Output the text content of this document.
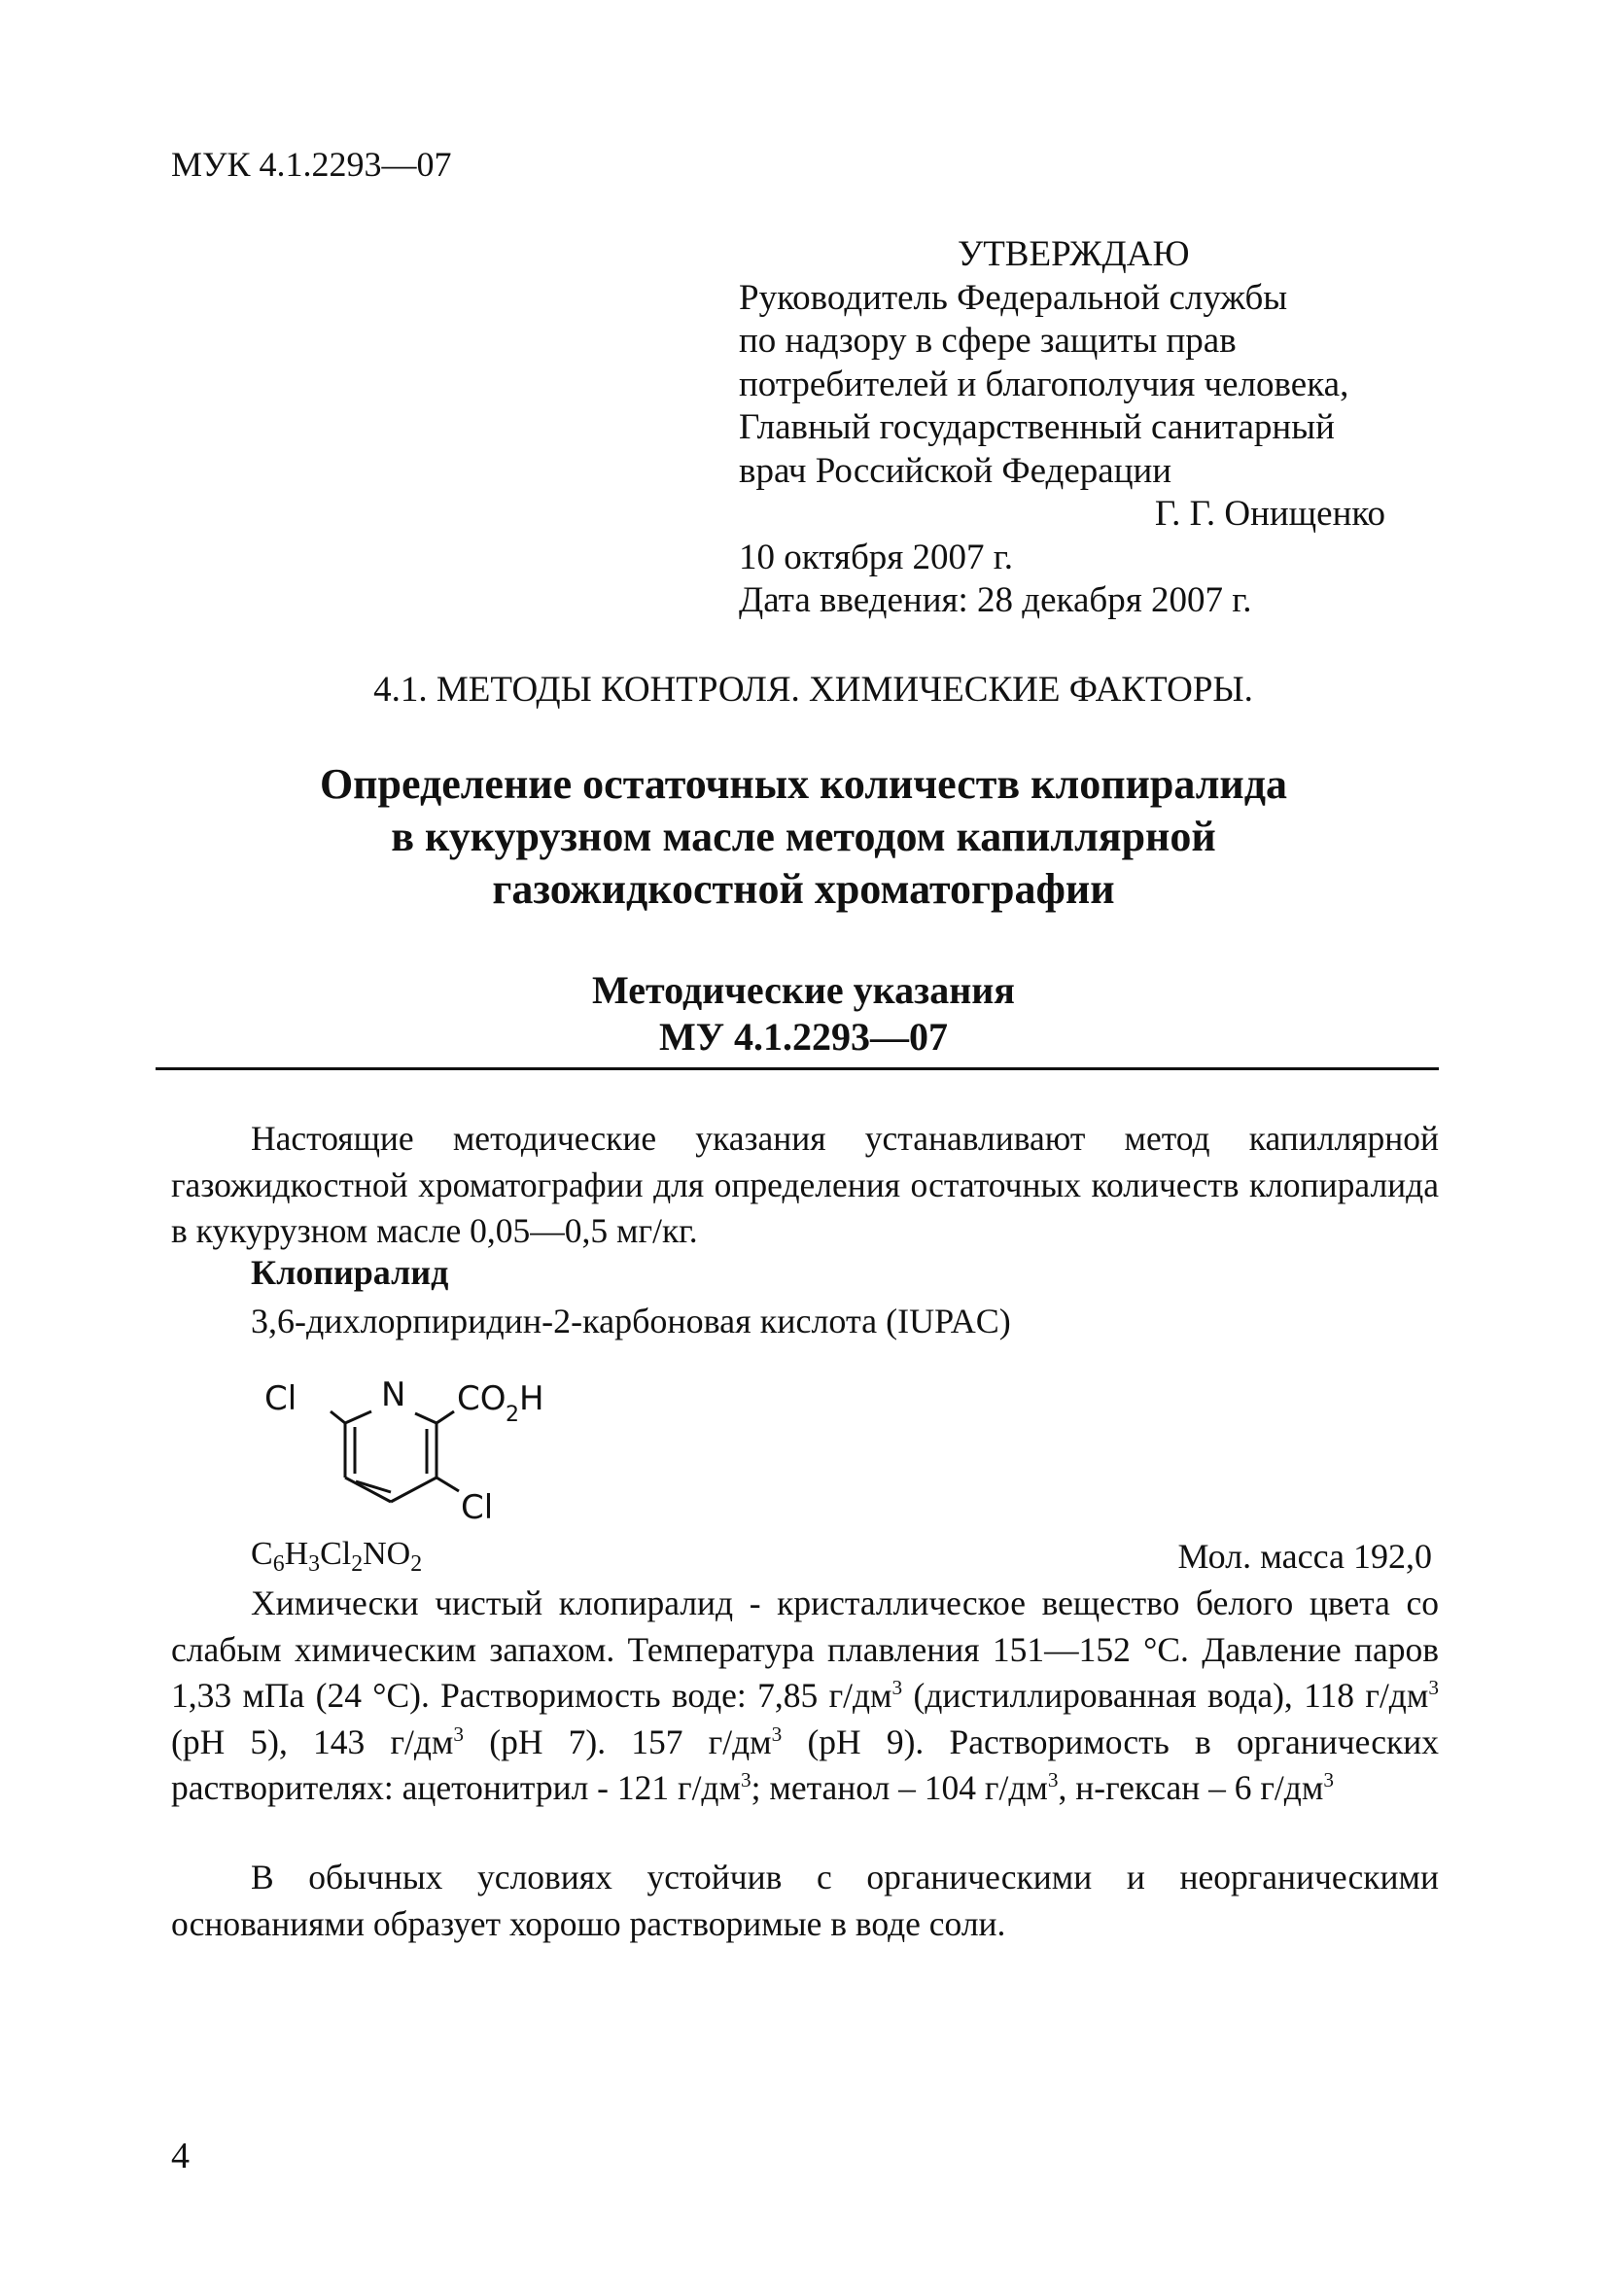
МУК 4.1.2293—07
УТВЕРЖДАЮ
Руководитель Федеральной службы
по надзору в сфере защиты прав
потребителей и благополучия человека,
Главный государственный санитарный
врач Российской Федерации
Г. Г. Онищенко
10 октября 2007 г.
Дата введения: 28 декабря 2007 г.
4.1. МЕТОДЫ КОНТРОЛЯ. ХИМИЧЕСКИЕ ФАКТОРЫ.
Определение остаточных количеств клопиралида
в кукурузном масле методом капиллярной
газожидкостной хроматографии
Методические указания
МУ 4.1.2293—07
Настоящие методические указания устанавливают метод капиллярной газожидкостной хроматографии для определения остаточных количеств клопиралида в кукурузном масле 0,05—0,5 мг/кг.
Клопиралид
3,6-дихлорпиридин-2-карбоновая кислота (IUPAC)
Cl	N CO 2 H
Cl
$C_6H_3Cl_2NO_2$	Мол. масса 192,0
Химически чистый клопиралид - кристаллическое вещество белого цвета со слабым химическим запахом. Температура плавления 151—152 °С. Давление паров 1,33 мПа (24 °С). Растворимость воде: 7,85 $г/дм^3$ (дистиллированная вода), 118 $г/дм^3$ (рН 5), 143 $г/дм^3$ (рН 7). 157 $г/дм^3$ (рН 9). Растворимость в органических растворителях: ацетонитрил - 121 $г/дм^3$; метанол – 104 $г/дм^3$, н-гексан – 6 $г/дм^3$
В обычных условиях устойчив с органическими и неорганическими основаниями образует хорошо растворимые в воде соли.
4
